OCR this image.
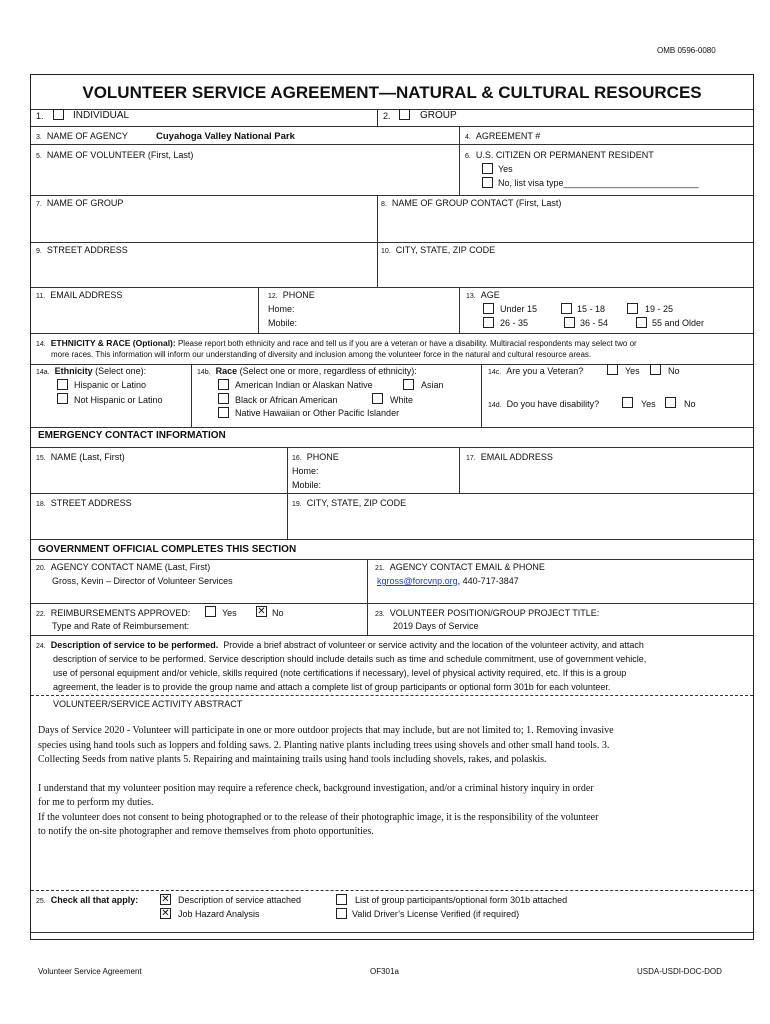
OMB 0596-0080
VOLUNTEER SERVICE AGREEMENT—NATURAL & CULTURAL RESOURCES
1.	INDIVIDUAL	2.	GROUP
3. NAME OF AGENCY	Cuyahoga Valley National Park	4. AGREEMENT #
5. NAME OF VOLUNTEER (First, Last)	6. U.S. CITIZEN OR PERMANENT RESIDENT
Yes
No, list visa type___________________________
7. NAME OF GROUP	8. NAME OF GROUP CONTACT (First, Last)
9. STREET ADDRESS	10. CITY, STATE, ZIP CODE
11. EMAIL ADDRESS	12. PHONE
Home:
Mobile:
13. AGE
Under 15	15 - 18	19 - 25
26 - 35	36 - 54	55 and Older
14. ETHNICITY & RACE (Optional): Please report both ethnicity and race and tell us if you are a veteran or have a disability. Multiracial respondents may select two or
more races. This information will inform our understanding of diversity and inclusion among the volunteer force in the natural and cultural resource areas.
14a. Ethnicity (Select one):
Hispanic or Latino
Not Hispanic or Latino
14b. Race (Select one or more, regardless of ethnicity):
American Indian or Alaskan Native	Asian
Black or African American	White
Native Hawaiian or Other Pacific Islander
14c. Are you a Veteran?	Yes	No
14d. Do you have disability?	Yes	No
EMERGENCY CONTACT INFORMATION
15. NAME (Last, First)	16. PHONE
Home:
Mobile:
17. EMAIL ADDRESS
18. STREET ADDRESS	19. CITY, STATE, ZIP CODE
GOVERNMENT OFFICIAL COMPLETES THIS SECTION
20. AGENCY CONTACT NAME (Last, First)
Gross, Kevin – Director of Volunteer Services
21. AGENCY CONTACT EMAIL & PHONE
kgross@forcvnp.org, 440-717-3847
22. REIMBURSEMENTS APPROVED:	Yes ✕ No
Type and Rate of Reimbursement:
23. VOLUNTEER POSITION/GROUP PROJECT TITLE:
2019 Days of Service
24. Description of service to be performed. Provide a brief abstract of volunteer or service activity and the location of the volunteer activity, and attach
description of service to be performed. Service description should include details such as time and schedule commitment, use of government vehicle,
use of personal equipment and/or vehicle, skills required (note certifications if necessary), level of physical activity required, etc. If this is a group
agreement, the leader is to provide the group name and attach a complete list of group participants or optional form 301b for each volunteer.
VOLUNTEER/SERVICE ACTIVITY ABSTRACT
Days of Service 2020 - Volunteer will participate in one or more outdoor projects that may include, but are not limited to; 1. Removing invasive
species using hand tools such as loppers and folding saws. 2. Planting native plants including trees using shovels and other small hand tools. 3.
Collecting Seeds from native plants 5. Repairing and maintaining trails using hand tools including shovels, rakes, and polaskis.
I understand that my volunteer position may require a reference check, background investigation, and/or a criminal history inquiry in order
for me to perform my duties.
If the volunteer does not consent to being photographed or to the release of their photographic image, it is the responsibility of the volunteer
to notify the on-site photographer and remove themselves from photo opportunities.
25. Check all that apply: ✕ Description of service attached
✕ Job Hazard Analysis
List of group participants/optional form 301b attached
Valid Driver’s License Verified (if required)
Volunteer Service Agreement	OF301a	USDA-USDI-DOC-DOD
